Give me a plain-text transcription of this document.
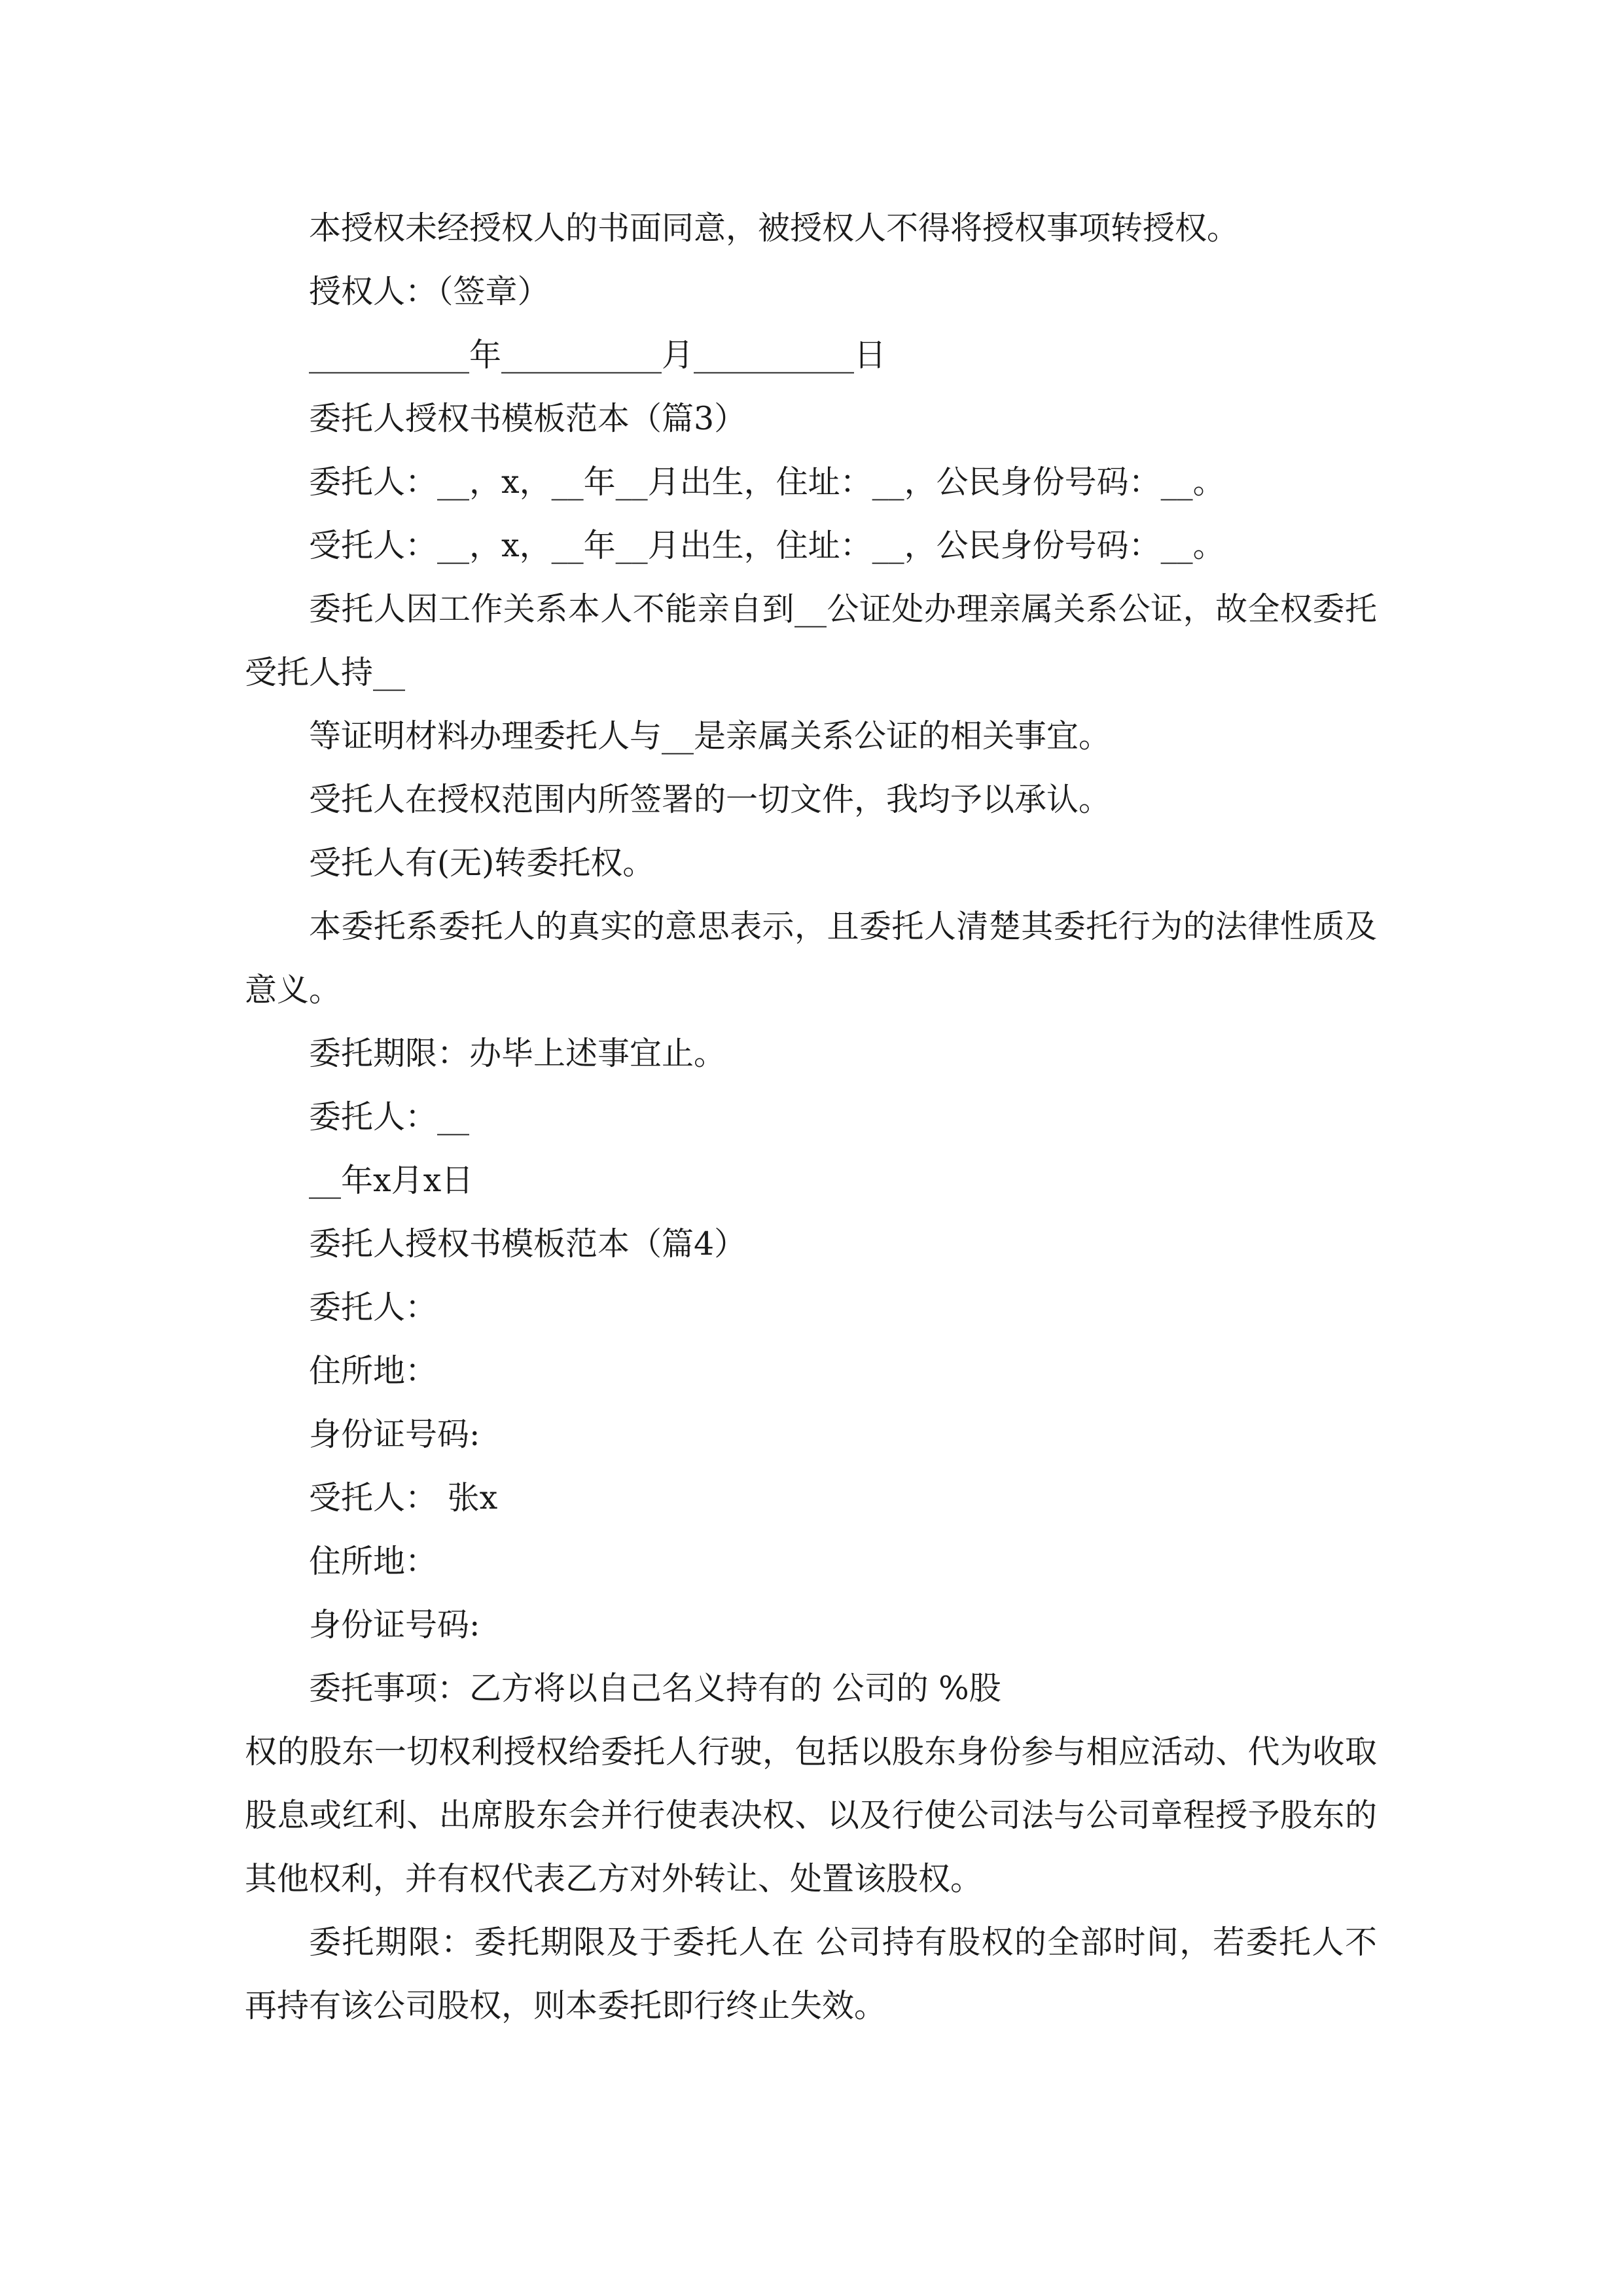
本授权未经授权人的书面同意，被授权人不得将授权事项转授权。

授权人：（签章）

__________年__________月__________日

委托人授权书模板范本（篇3）

委托人：__，x，__年__月出生，住址：__，公民身份号码：__。

受托人：__，x，__年__月出生，住址：__，公民身份号码：__。

委托人因工作关系本人不能亲自到__公证处办理亲属关系公证，故全权委托受托人持__

等证明材料办理委托人与__是亲属关系公证的相关事宜。

受托人在授权范围内所签署的一切文件，我均予以承认。

受托人有(无)转委托权。

本委托系委托人的真实的意思表示，且委托人清楚其委托行为的法律性质及意义。

委托期限：办毕上述事宜止。

委托人：__

__年x月x日

委托人授权书模板范本（篇4）

委托人：

住所地：

身份证号码:

受托人： 张x

住所地：

身份证号码:

委托事项：乙方将以自己名义持有的 公司的 %股

权的股东一切权利授权给委托人行驶，包括以股东身份参与相应活动、代为收取股息或红利、出席股东会并行使表决权、以及行使公司法与公司章程授予股东的其他权利，并有权代表乙方对外转让、处置该股权。

委托期限：委托期限及于委托人在 公司持有股权的全部时间，若委托人不再持有该公司股权，则本委托即行终止失效。
